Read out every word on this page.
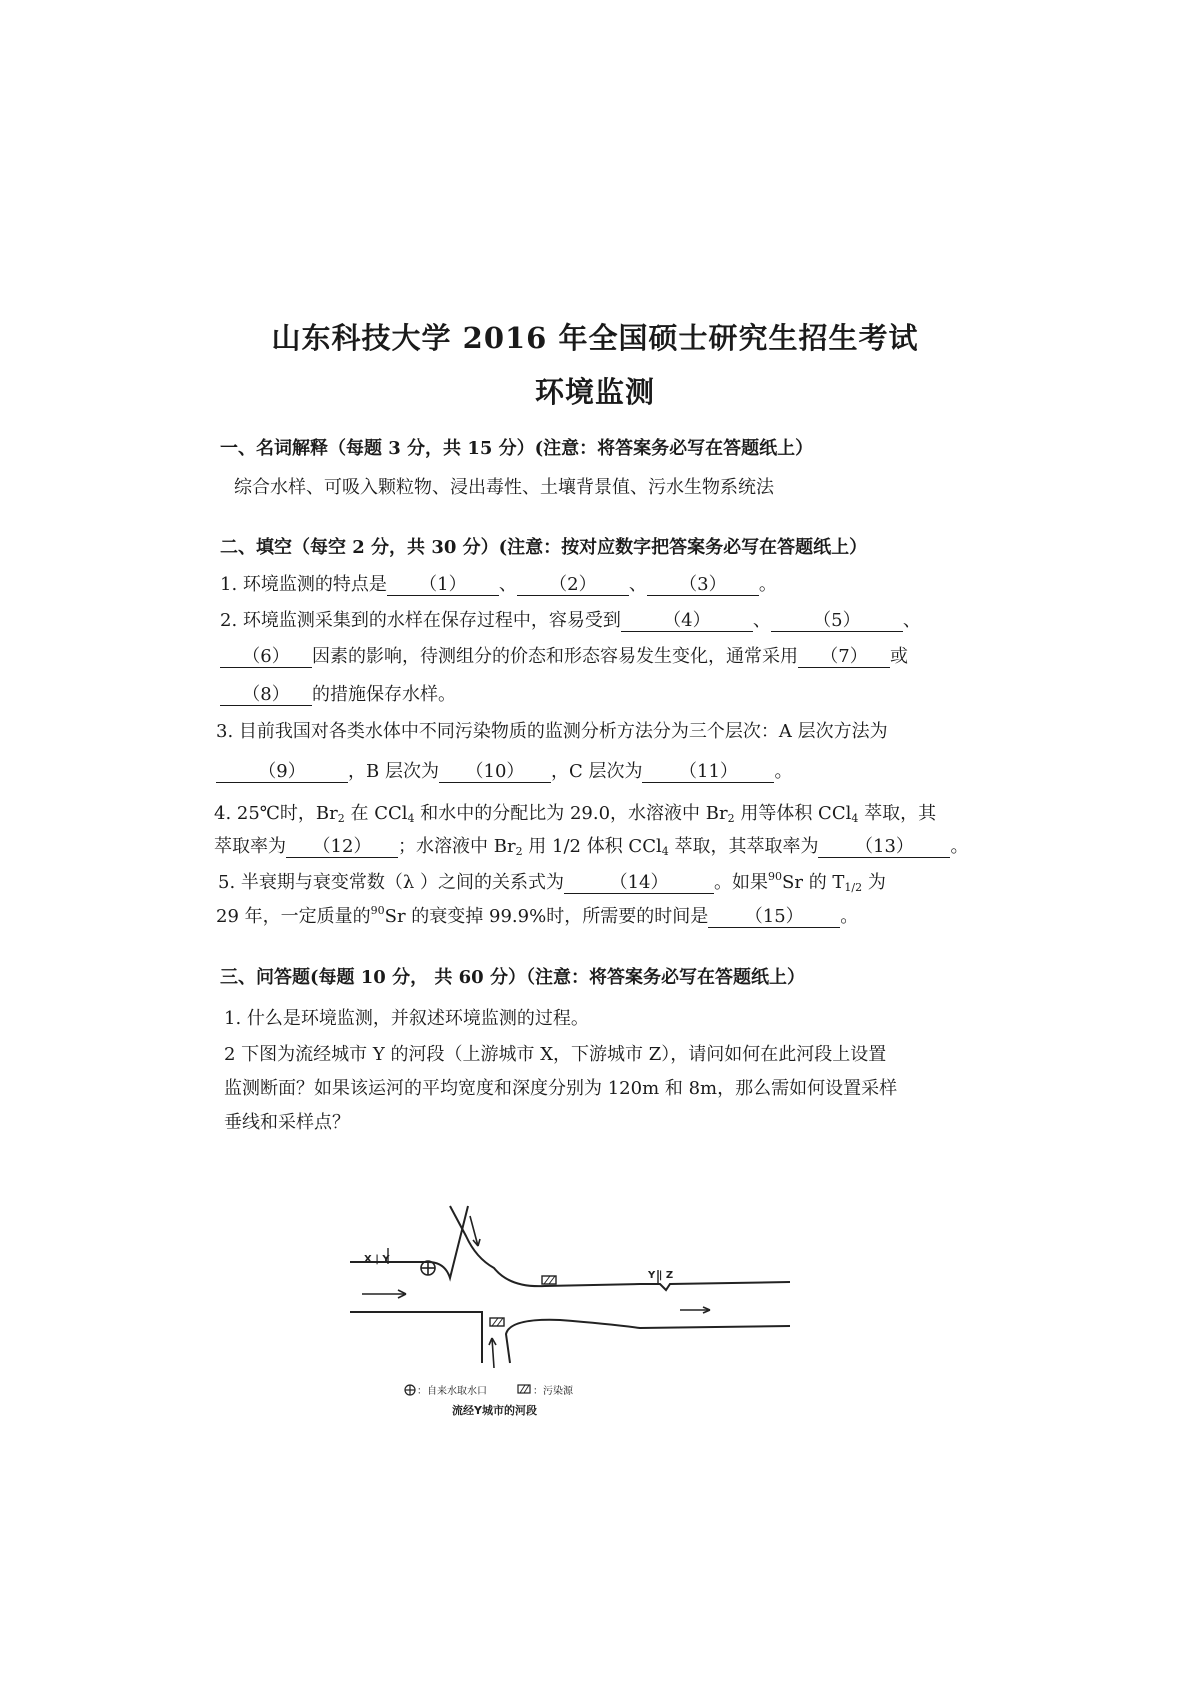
山东科技大学 2016 年全国硕士研究生招生考试
环境监测
一、名词解释（每题 3 分，共 15 分）(注意：将答案务必写在答题纸上）
综合水样、可吸入颗粒物、浸出毒性、土壤背景值、污水生物系统法
二、填空（每空 2 分，共 30 分）(注意：按对应数字把答案务必写在答题纸上）
1. 环境监测的特点是 （1） 、 （2） 、 （3） 。
2. 环境监测采集到的水样在保存过程中，容易受到 （4） 、 （5） 、
（6） 因素的影响，待测组分的价态和形态容易发生变化，通常采用 （7） 或
（8） 的措施保存水样。
3. 目前我国对各类水体中不同污染物质的监测分析方法分为三个层次：A 层次方法为
（9） ，B 层次为 （10） ，C 层次为 （11） 。
4. 25℃时，$Br_2$ 在 CCl$_4$ 和水中的分配比为 29.0，水溶液中 $Br_2$ 用等体积 CCl$_4$ 萃取，其
萃取率为 （12） ；水溶液中 $Br_2$ 用 1/2 体积 CCl$_4$ 萃取，其萃取率为 （13） 。
5. 半衰期与衰变常数（λ ）之间的关系式为	（14）	。如果$^{90}$Sr 的 $T_{1/2}$ 为
29 年，一定质量的$^{90}$Sr 的衰变掉 99.9%时，所需要的时间是 （15） 。
三、问答题(每题 10 分， 共 60 分）（注意：将答案务必写在答题纸上）
1. 什么是环境监测，并叙述环境监测的过程。
2 下图为流经城市 Y 的河段（上游城市 X，下游城市 Z），请问如何在此河段上设置
监测断面？如果该运河的平均宽度和深度分别为 120m 和 8m，那么需如何设置采样
垂线和采样点？
X | Y
Y | Z
：自来水取水口	：污染源
流经Y城市的河段
